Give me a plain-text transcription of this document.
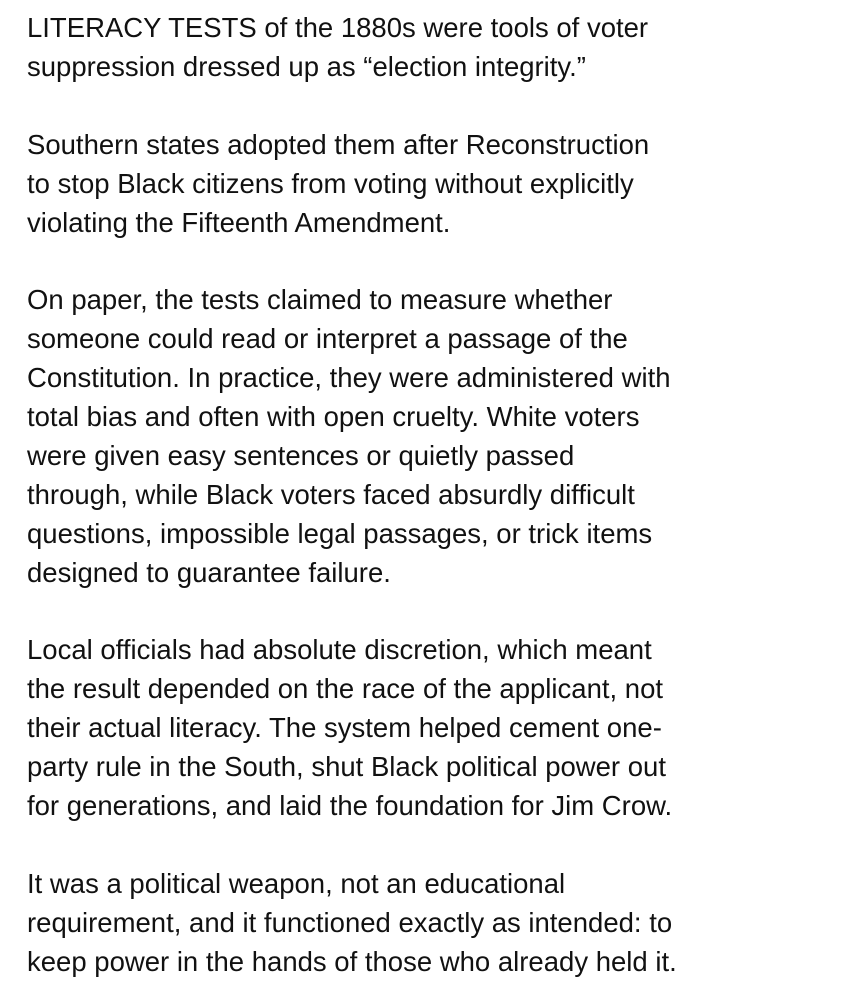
LITERACY TESTS of the 1880s were tools of voter
suppression dressed up as “election integrity.”

Southern states adopted them after Reconstruction
to stop Black citizens from voting without explicitly
violating the Fifteenth Amendment.

On paper, the tests claimed to measure whether
someone could read or interpret a passage of the
Constitution. In practice, they were administered with
total bias and often with open cruelty. White voters
were given easy sentences or quietly passed
through, while Black voters faced absurdly difficult
questions, impossible legal passages, or trick items
designed to guarantee failure.

Local officials had absolute discretion, which meant
the result depended on the race of the applicant, not
their actual literacy. The system helped cement one-
party rule in the South, shut Black political power out
for generations, and laid the foundation for Jim Crow.

It was a political weapon, not an educational
requirement, and it functioned exactly as intended: to
keep power in the hands of those who already held it.
